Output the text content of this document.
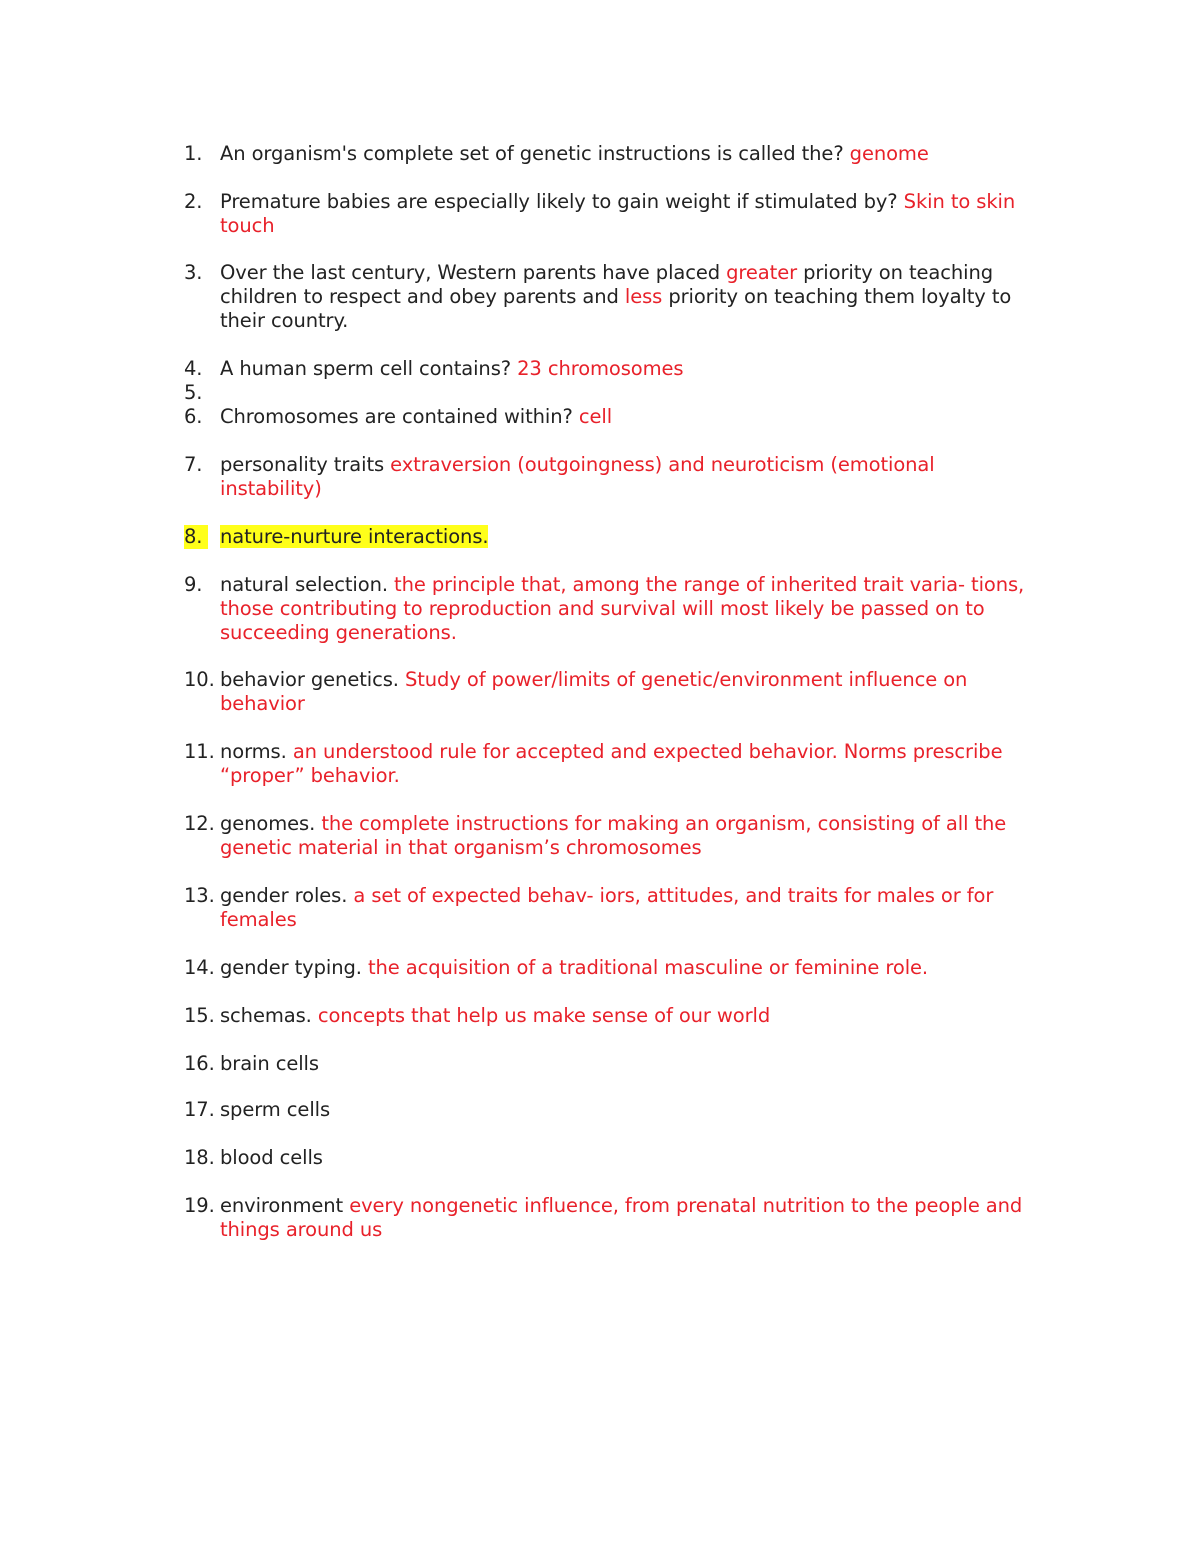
1. An organism's complete set of genetic instructions is called the? genome
2. Premature babies are especially likely to gain weight if stimulated by? Skin to skin touch
3. Over the last century, Western parents have placed greater priority on teaching children to respect and obey parents and less priority on teaching them loyalty to their country.
4. A human sperm cell contains? 23 chromosomes
5.
6. Chromosomes are contained within? cell
7. personality traits extraversion (outgoingness) and neuroticism (emotional instability)
8. nature-nurture interactions.
9. natural selection. the principle that, among the range of inherited trait varia- tions, those contributing to reproduction and survival will most likely be passed on to succeeding generations.
10. behavior genetics. Study of power/limits of genetic/environment influence on behavior
11. norms. an understood rule for accepted and expected behavior. Norms prescribe “proper” behavior.
12. genomes. the complete instructions for making an organism, consisting of all the genetic material in that organism’s chromosomes
13. gender roles. a set of expected behav- iors, attitudes, and traits for males or for females
14. gender typing. the acquisition of a traditional masculine or feminine role.
15. schemas. concepts that help us make sense of our world
16. brain cells
17. sperm cells
18. blood cells
19. environment every nongenetic influence, from prenatal nutrition to the people and things around us
